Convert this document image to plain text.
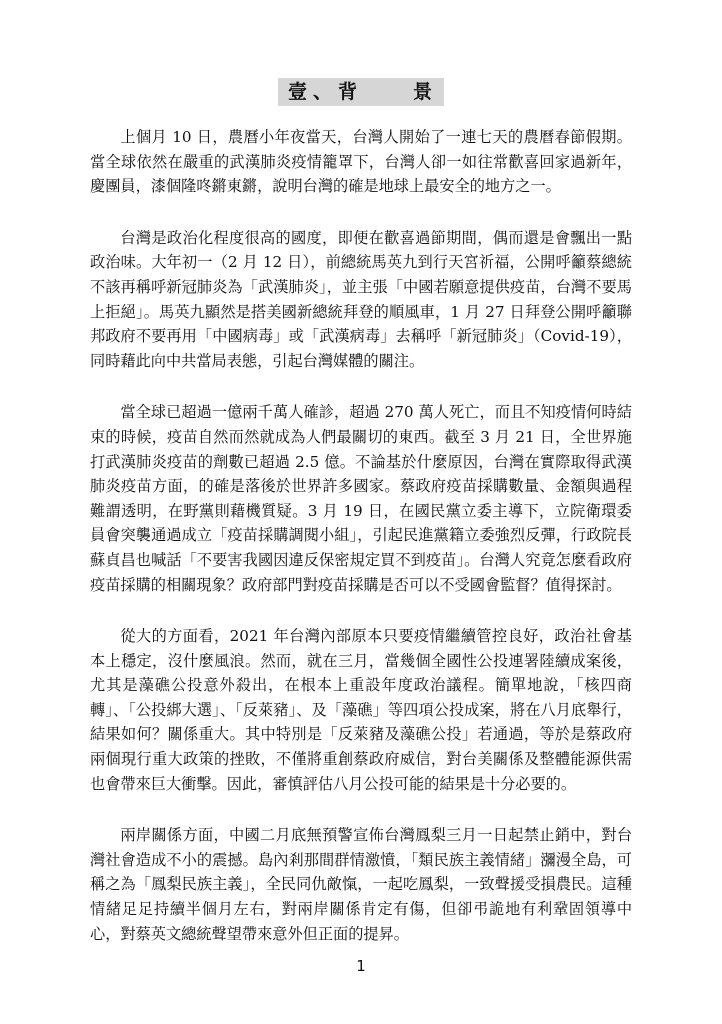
壹、背　　景

上個月 10 日，農曆小年夜當天，台灣人開始了一連七天的農曆春節假期。當全球依然在嚴重的武漢肺炎疫情籠罩下，台灣人卻一如往常歡喜回家過新年，慶團員，漆個隆咚鏘東鏘，說明台灣的確是地球上最安全的地方之一。

台灣是政治化程度很高的國度，即便在歡喜過節期間，偶而還是會飄出一點政治味。大年初一（2 月 12 日），前總統馬英九到行天宮祈福，公開呼籲蔡總統不該再稱呼新冠肺炎為「武漢肺炎」，並主張「中國若願意提供疫苗，台灣不要馬上拒絕」。馬英九顯然是搭美國新總統拜登的順風車，1 月 27 日拜登公開呼籲聯邦政府不要再用「中國病毒」或「武漢病毒」去稱呼「新冠肺炎」（Covid-19），同時藉此向中共當局表態，引起台灣媒體的關注。

當全球已超過一億兩千萬人確診，超過 270 萬人死亡，而且不知疫情何時結束的時候，疫苗自然而然就成為人們最關切的東西。截至 3 月 21 日，全世界施打武漢肺炎疫苗的劑數已超過 2.5 億。不論基於什麼原因，台灣在實際取得武漢肺炎疫苗方面，的確是落後於世界許多國家。蔡政府疫苗採購數量、金額與過程難謂透明，在野黨則藉機質疑。3 月 19 日，在國民黨立委主導下，立院衛環委員會突襲通過成立「疫苗採購調閱小組」，引起民進黨籍立委強烈反彈，行政院長蘇貞昌也喊話「不要害我國因違反保密規定買不到疫苗」。台灣人究竟怎麼看政府疫苗採購的相關現象？政府部門對疫苗採購是否可以不受國會監督？值得探討。

從大的方面看，2021 年台灣內部原本只要疫情繼續管控良好，政治社會基本上穩定，沒什麼風浪。然而，就在三月，當幾個全國性公投連署陸續成案後，尤其是藻礁公投意外殺出，在根本上重設年度政治議程。簡單地說，「核四商轉」、「公投綁大選」、「反萊豬」、及「藻礁」等四項公投成案，將在八月底舉行，結果如何？關係重大。其中特別是「反萊豬及藻礁公投」若通過，等於是蔡政府兩個現行重大政策的挫敗，不僅將重創蔡政府威信，對台美關係及整體能源供需也會帶來巨大衝擊。因此，審慎評估八月公投可能的結果是十分必要的。

兩岸關係方面，中國二月底無預警宣佈台灣鳳梨三月一日起禁止銷中，對台灣社會造成不小的震撼。島內剎那間群情激憤，「類民族主義情緒」瀰漫全島，可稱之為「鳳梨民族主義」，全民同仇敵愾，一起吃鳳梨，一致聲援受損農民。這種情緒足足持續半個月左右，對兩岸關係肯定有傷，但卻弔詭地有利鞏固領導中心，對蔡英文總統聲望帶來意外但正面的提昇。

1
